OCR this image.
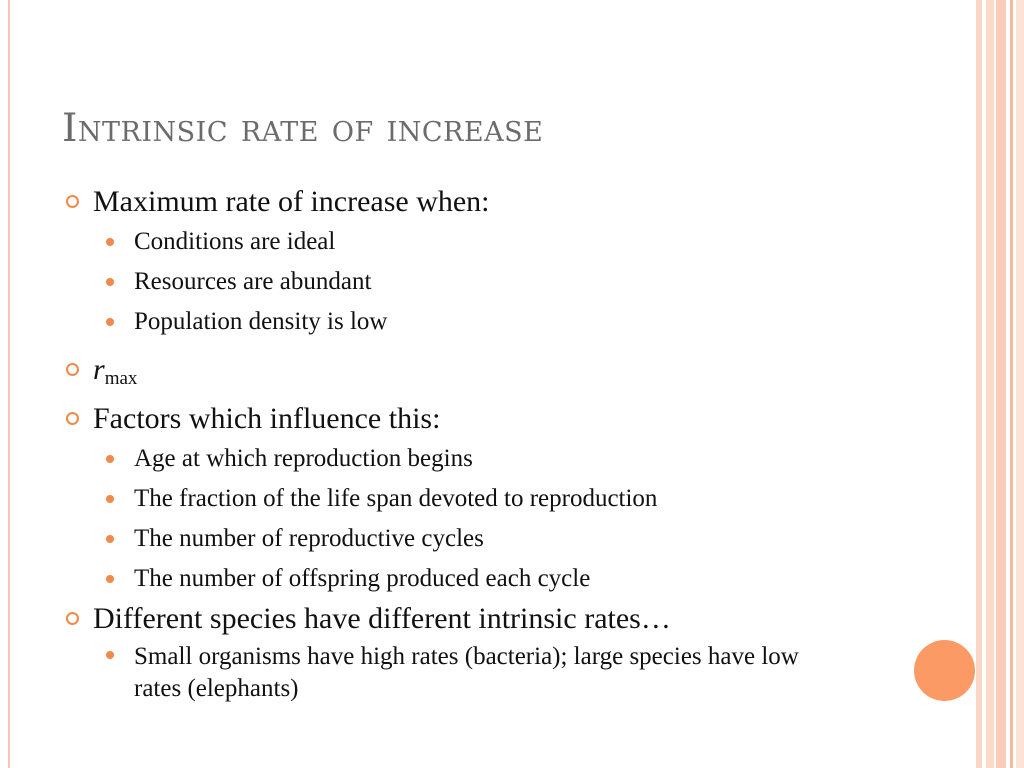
Intrinsic rate of increase
Maximum rate of increase when:
Conditions are ideal
Resources are abundant
Population density is low
rmax
Factors which influence this:
Age at which reproduction begins
The fraction of the life span devoted to reproduction
The number of reproductive cycles
The number of offspring produced each cycle
Different species have different intrinsic rates…
Small organisms have high rates (bacteria); large species have low rates (elephants)
